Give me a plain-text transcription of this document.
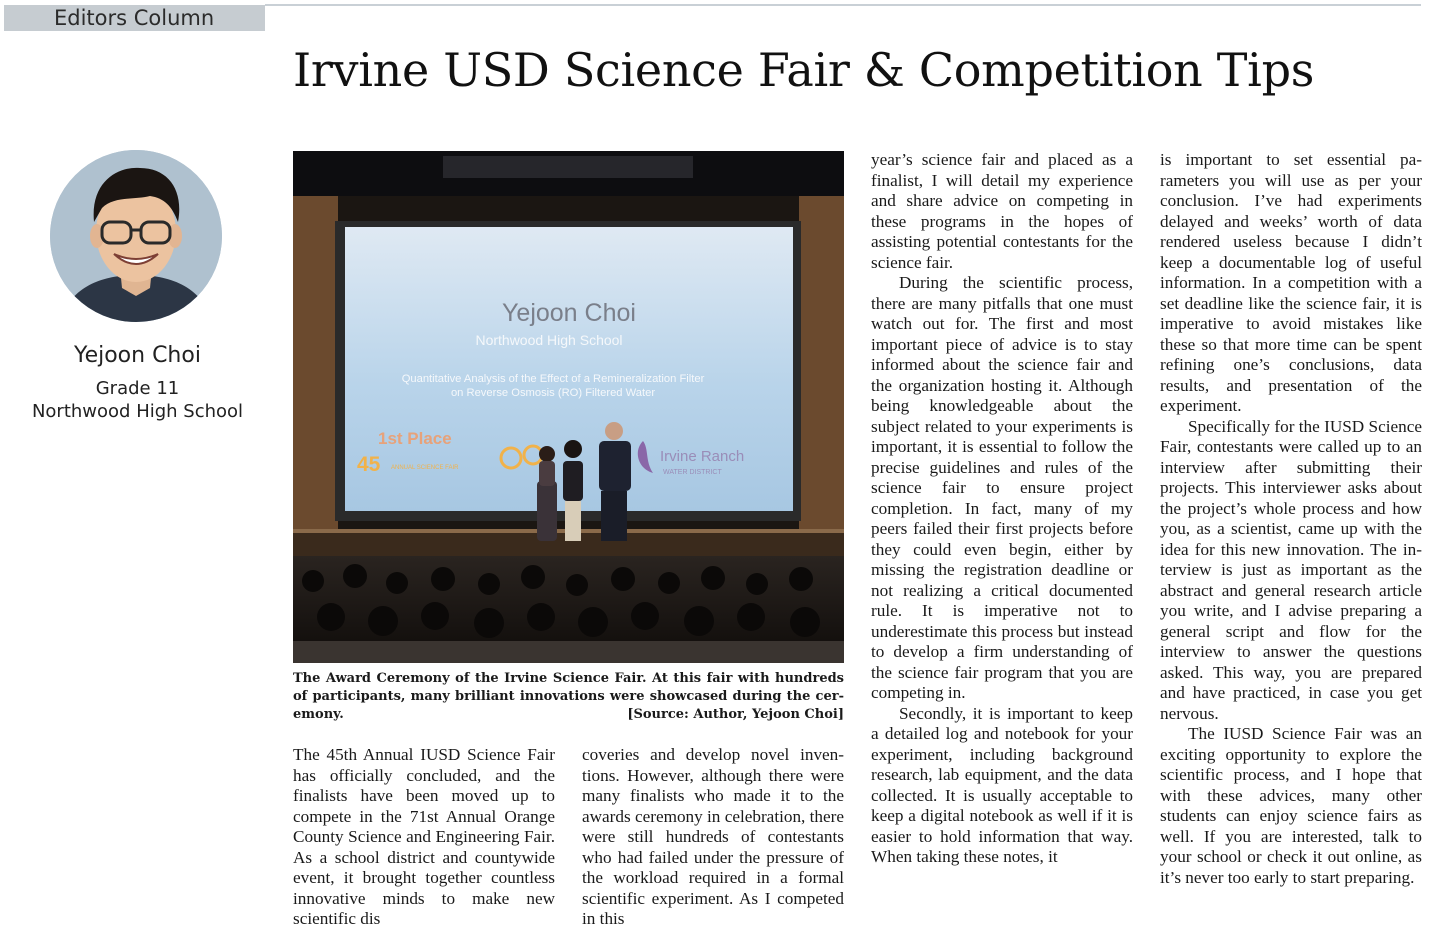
Editors Column
Irvine USD Science Fair & Competition Tips
Yejoon Choi
Grade 11
Northwood High School
Yejoon Choi
Northwood High School
Quantitative Analysis of the Effect of a Remineralization Filter
on Reverse Osmosis (RO) Filtered Water
1st Place
45 ANNUAL SCIENCE FAIR
Irvine Ranch
WATER DISTRICT
The Award Ceremony of the Irvine Science Fair. At this fair with hundreds of participants, many brilliant innovations were showcased during the ceremony.	[Source: Author, Yejoon Choi]

The 45th Annual IUSD Science Fair has officially concluded, and the finalists have been moved up to compete in the 71st Annual Orange County Science and Engineering Fair. As a school district and countywide event, it brought together countless innovative minds to make new scientific dis

coveries and develop novel inventions. However, although there were many finalists who made it to the awards ceremony in celebration, there were still hundreds of contestants who had failed under the pressure of the workload required in a formal scientific experiment. As I competed in this

year’s science fair and placed as a finalist, I will detail my experience and share advice on competing in these programs in the hopes of assisting potential contestants for the science fair.

During the scientific process, there are many pitfalls that one must watch out for. The first and most important piece of advice is to stay informed about the science fair and the organization hosting it. Although being knowledgeable about the subject related to your experiments is important, it is essential to follow the precise guidelines and rules of the science fair to ensure project completion. In fact, many of my peers failed their first projects before they could even begin, either by missing the registration deadline or not realizing a critical documented rule. It is imperative not to underestimate this process but instead to develop a firm understanding of the science fair program that you are competing in.

Secondly, it is important to keep a detailed log and notebook for your experiment, including background research, lab equipment, and the data collected. It is usually acceptable to keep a digital notebook as well if it is easier to hold information that way. When taking these notes, it

is important to set essential parameters you will use as per your conclusion. I’ve had experiments delayed and weeks’ worth of data rendered useless because I didn’t keep a documentable log of useful information. In a competition with a set deadline like the science fair, it is imperative to avoid mistakes like these so that more time can be spent refining one’s conclusions, data results, and presentation of the experiment.

Specifically for the IUSD Science Fair, contestants were called up to an interview after submitting their projects. This interviewer asks about the project’s whole process and how you, as a scientist, came up with the idea for this new innovation. The interview is just as important as the abstract and general research article you write, and I advise preparing a general script and flow for the interview to answer the questions asked. This way, you are prepared and have practiced, in case you get nervous.

The IUSD Science Fair was an exciting opportunity to explore the scientific process, and I hope that with these advices, many other students can enjoy science fairs as well. If you are interested, talk to your school or check it out online, as it’s never too early to start preparing.
